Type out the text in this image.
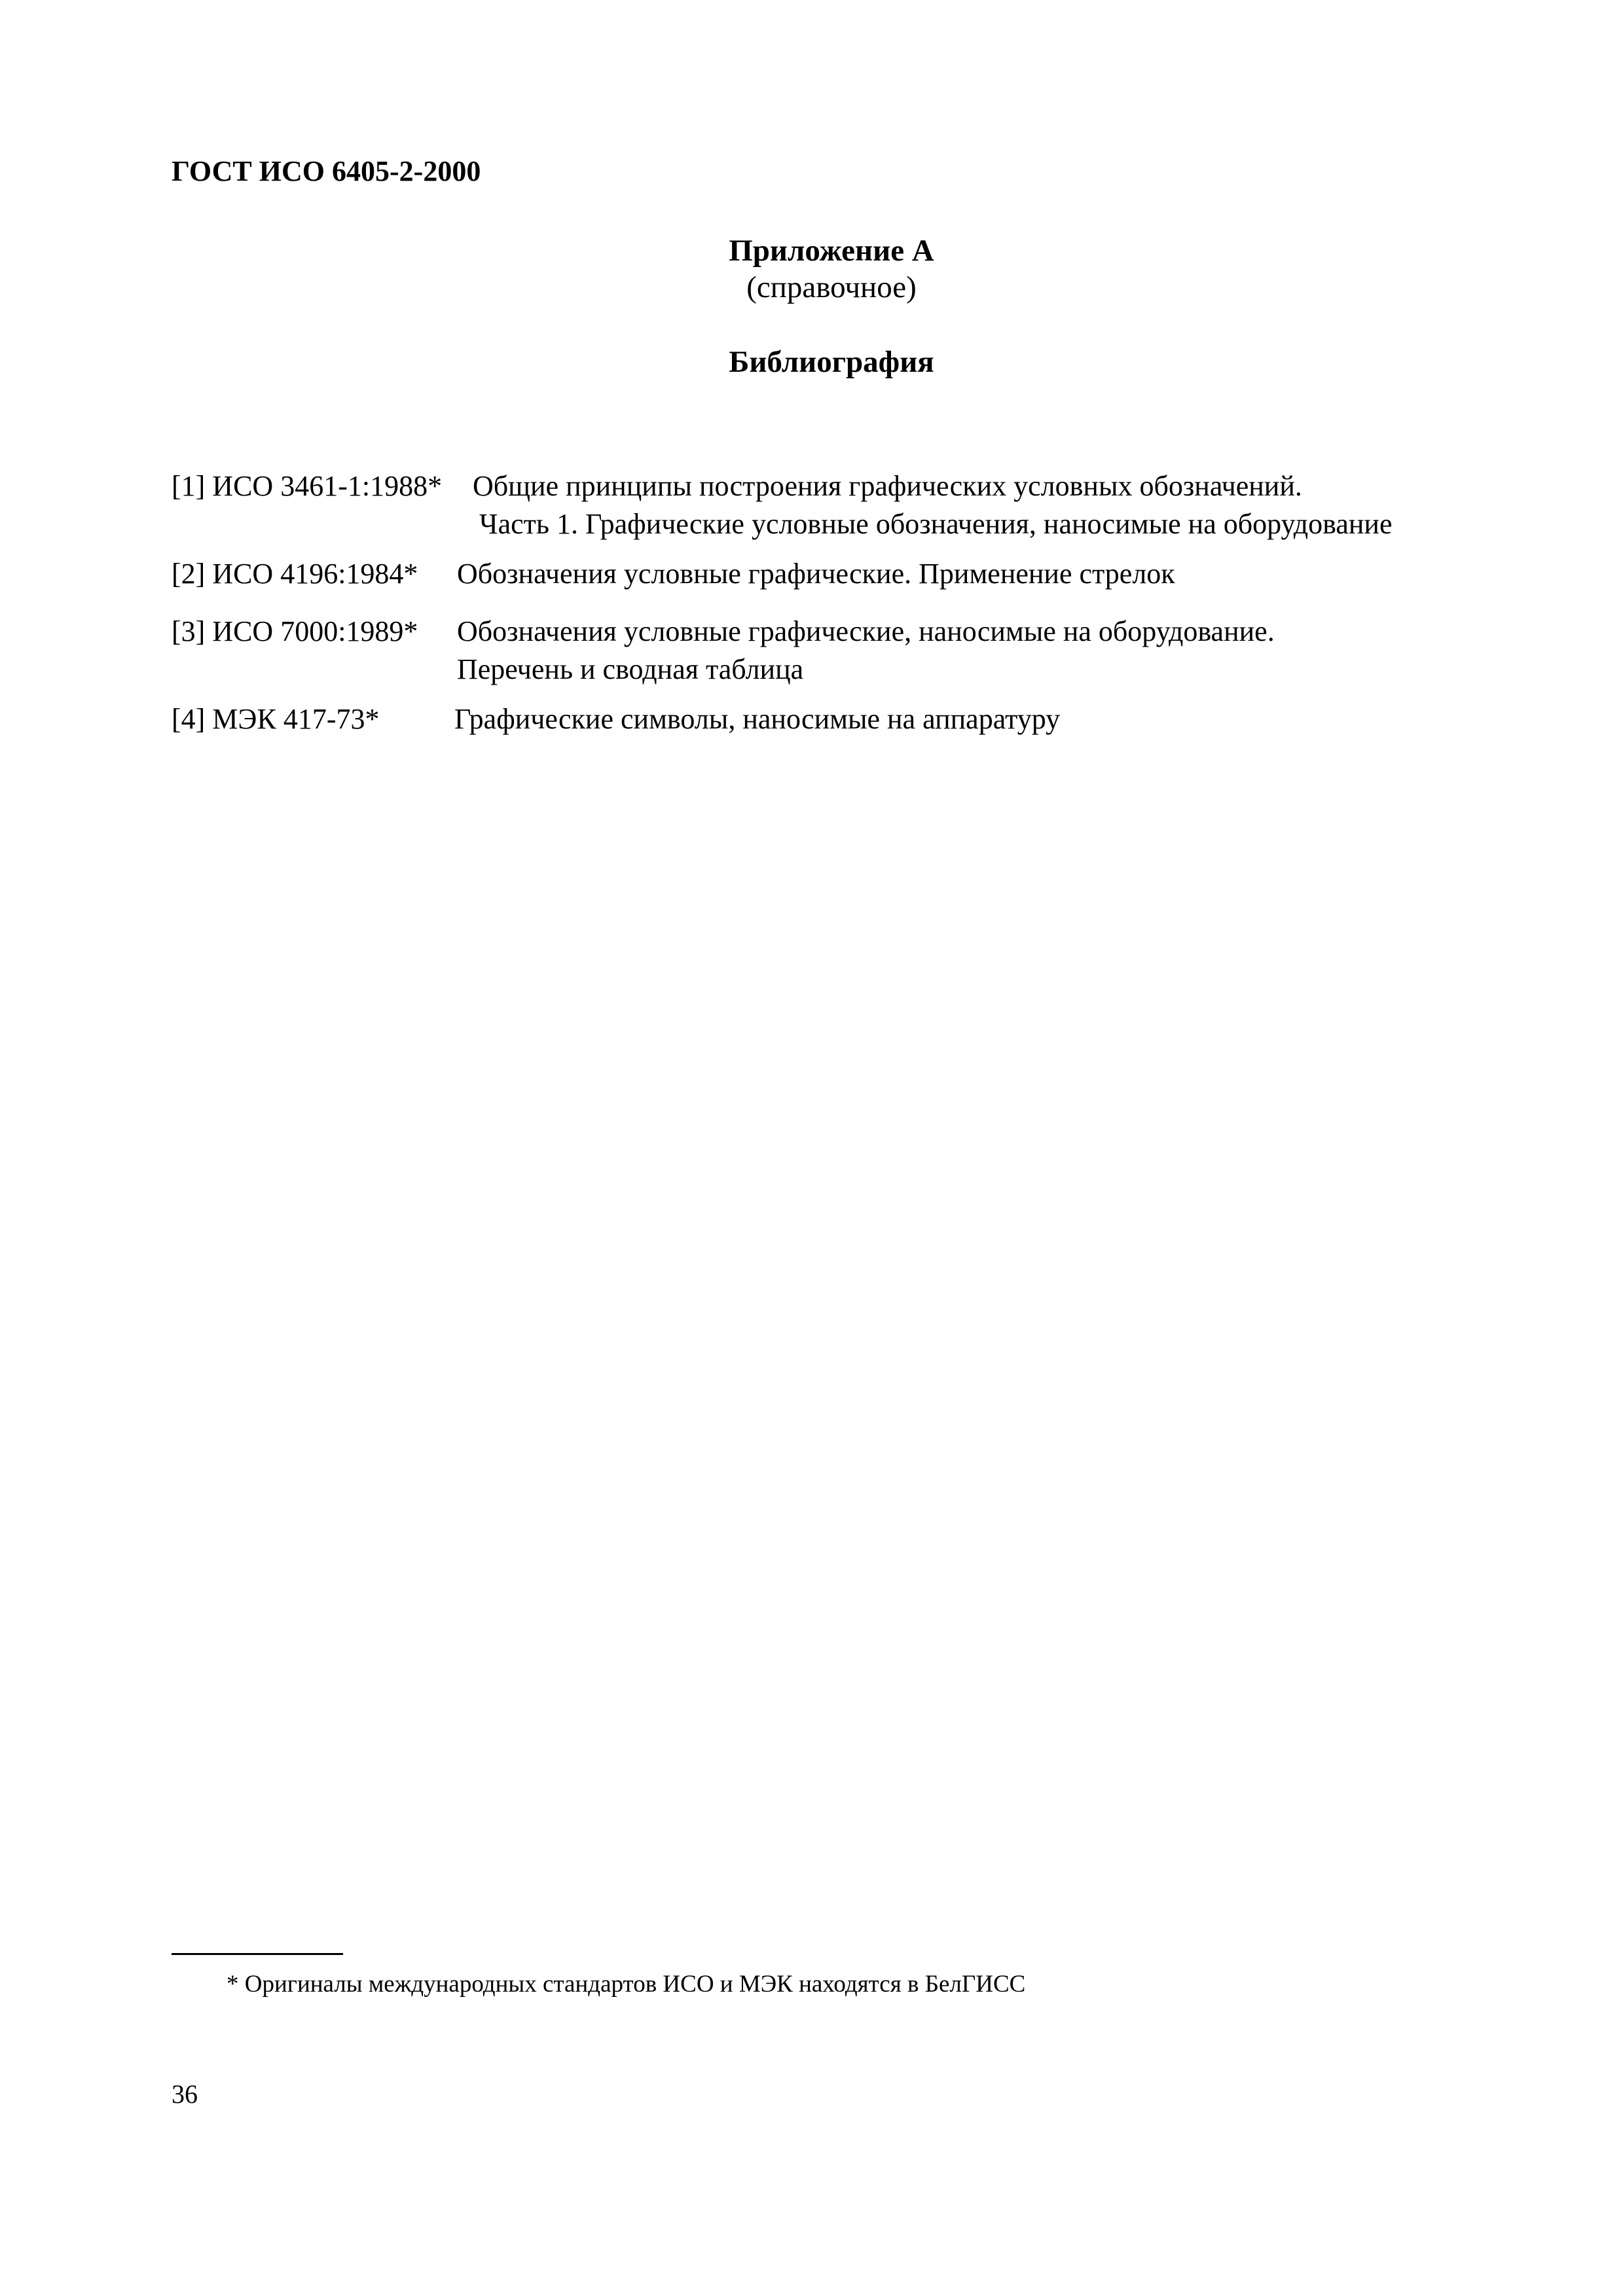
ГОСТ ИСО 6405-2-2000

Приложение А

(справочное)

Библиография

[1] ИСО 3461-1:1988* Общие принципы построения графических условных обозначений.
Часть 1. Графические условные обозначения, наносимые на оборудование
[2] ИСО 4196:1984* Обозначения условные графические. Применение стрелок
[3] ИСО 7000:1989* Обозначения условные графические, наносимые на оборудование.
Перечень и сводная таблица
[4] МЭК 417-73*	Графические символы, наносимые на аппаратуру

* Оригиналы международных стандартов ИСО и МЭК находятся в БелГИСС

36
